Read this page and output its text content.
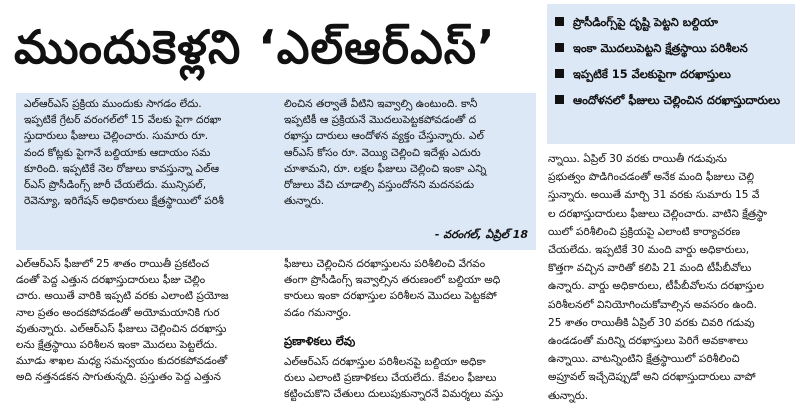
ముందుకెళ్లని ‘ఎల్‌ఆర్‌ఎస్‌’	ప్రొసీడింగ్స్‌పై దృష్టి పెట్టని బల్దియా
ఇంకా మొదలుపెట్టని క్షేత్రస్థాయి పరిశీలన
ఇప్పటికే 15 వేలకుపైగా దరఖాస్తులు
ఆందోళనలో ఫీజులు చెల్లించిన దరఖాస్తుదారులు

ఎల్‌ఆర్‌ఎస్‌ ప్రక్రియ ముందుకు సాగడం లేదు.

ఇప్పటికే గ్రేటర్‌ వరంగల్‌లో 15 వేలకు పైగా దరఖా

స్తుదారులు ఫీజులు చెల్లించారు. సుమారు రూ.

వంద కోట్లకు పైగానే బల్దియాకు ఆదాయం సమ

కూరింది. ఇప్పటికే నెల రోజులు కావస్తున్నా ఎల్‌ఆ

ర్‌ఎస్‌ ప్రొసీడింగ్స్‌ జారీ చేయలేదు. మున్సిపల్‌,

రెవెన్యూ, ఇరిగేషన్‌ అధికారులు క్షేత్రస్థాయిలో పరిశీ

లించిన తర్వాతే వీటిని ఇవ్వాల్సి ఉంటుంది. కానీ

ఇప్పటికీ ఆ ప్రక్రియనే మొదలుపెట్టకపోవడంతో ద

రఖాస్తు దారులు ఆందోళన వ్యక్తం చేస్తున్నారు. ఎల్‌

ఆర్‌ఎస్‌ కోసం రూ. వెయ్యి చెల్లించి ఇదేళ్లు ఎదురు

చూశామని, రూ. లక్షల ఫీజులు చెల్లించి ఇంకా ఎన్ని

రోజులు వేచి చూడాల్సి వస్తుందోనని మదనపడు

తున్నారు.

- వరంగల్‌, ఏప్రిల్‌ 18

ఎల్‌ఆర్‌ఎస్‌ ఫీజులో 25 శాతం రాయితీ ప్రకటించ

డంతో పెద్ద ఎత్తున దరఖాస్తుదారులు ఫీజు చెల్లిం

చారు. అయితే వారికి ఇప్పటి వరకు ఎలాంటి ప్రయోజ

నాల ప్రతం అందకపోవడంతో అయోమయానికి గుర

వుతున్నారు. ఎల్‌ఆర్‌ఎస్‌ ఫీజులు చెల్లించిన దరఖాస్తు

లను క్షేత్రస్థాయి పరిశీలన ఇంకా మొదలు పెట్టలేదు.

మూడు శాఖల మధ్య సమన్వయం కుదరకపోవడంతో

అది నత్తనడకన సాగుతున్నది. ప్రస్తుతం పెద్ద ఎత్తున

ఫీజులు చెల్లించిన దరఖాస్తులను పరిశీలించి వేగవం

తంగా ప్రొసీడింగ్స్‌ ఇవ్వాల్సిన తరుణంలో బల్దియా అధి

కారులు ఇంకా దరఖాస్తుల పరిశీలన మొదలు పెట్టకపో

వడం గమనార్హం.

ప్రణాళికలు లేవు

ఎల్‌ఆర్‌ఎస్‌ దరఖాస్తుల పరిశీలనపై బల్దియా అధికా

రులు ఎలాంటి ప్రణాళికలు చేయలేదు. కేవలం ఫీజులు

కట్టించుకొని చేతులు దులుపుకున్నారనే విమర్శలు వస్తు

న్నాయి. ఏప్రిల్‌ 30 వరకు రాయితీ గడువును

ప్రభుత్వం పొడిగించడంతో అనేక మంది ఫీజులు చెల్లి

స్తున్నారు. అయితే మార్చి 31 వరకు సుమారు 15 వే

ల దరఖాస్తుదారులు ఫీజులు చెల్లించారు. వాటిని క్షేత్రస్థా

యిలో పరిశీలించి ప్రక్రియపై ఎలాంటి కార్యాచరణ

చేయలేదు. ఇప్పటికే 30 మంది వార్డు అధికారులు,

కొత్తగా వచ్చిన వారితో కలిపి 21 మంది టీపీబీవోలు

ఉన్నారు. వార్డు అధికారులు, టీపీబీవోలను దరఖాస్తుల

పరిశీలనలో వినియోగించుకోవాల్సిన అవసరం ఉంది.

25 శాతం రాయితీకి ఏప్రిల్‌ 30 వరకు చివరి గడువు

ఉండడంతో మరిన్ని దరఖాస్తులు పెరిగే అవకాశాలు

ఉన్నాయి. వాటన్నింటిని క్షేత్రస్థాయిలో పరిశీలించి

అప్రూవల్‌ ఇచ్చేదెప్పుడో అని దరఖాస్తుదారులు వాపో

తున్నారు.
